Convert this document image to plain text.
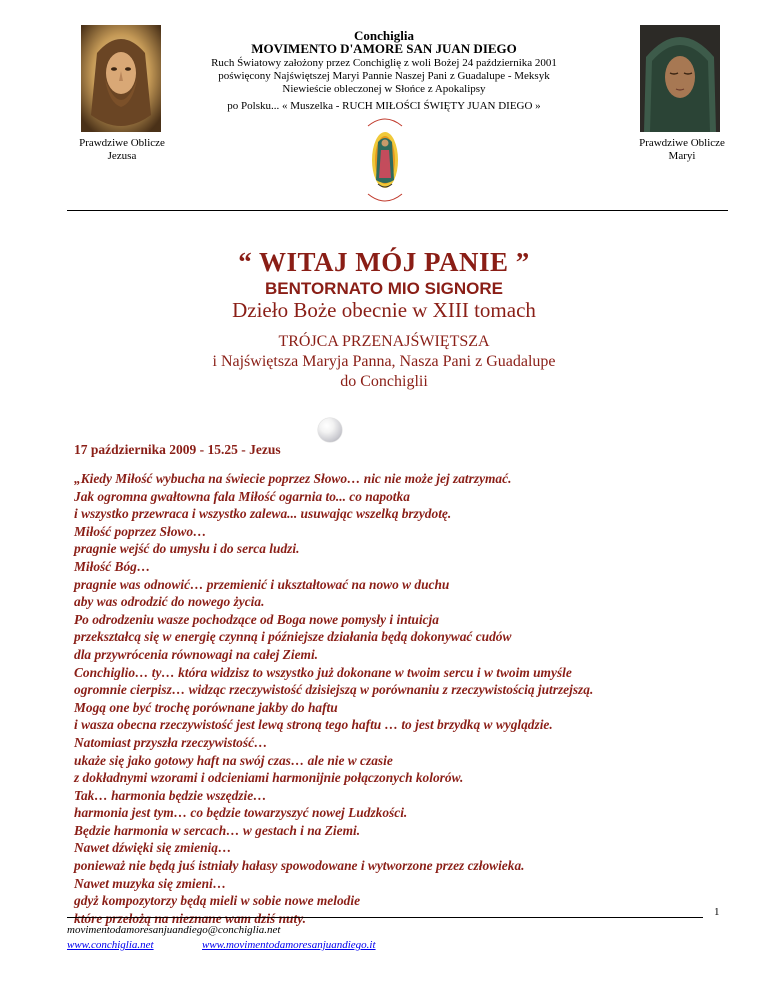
Conchiglia
MOVIMENTO D'AMORE SAN JUAN DIEGO
Ruch Światowy założony przez Conchiglię z woli Bożej 24 października 2001
poświęcony Najświętszej Maryi Pannie Naszej Pani z Guadalupe - Meksyk
Niewieście obleczonej w Słońce z Apokalipsy
po Polsku... « Muszelka - RUCH MIŁOŚCI ŚWIĘTY JUAN DIEGO »
Prawdziwe Oblicze
Jezusa
Prawdziwe Oblicze
Maryi
“ WITAJ MÓJ PANIE ”
BENTORNATO MIO SIGNORE
Dzieło Boże obecnie w XIII tomach
TRÓJCA PRZENAJŚWIĘTSZA
i Najświętsza Maryja Panna, Nasza Pani z Guadalupe
do Conchiglii
17 października 2009 - 15.25 - Jezus
„Kiedy Miłość wybucha na świecie poprzez Słowo… nic nie może jej zatrzymać.
Jak ogromna gwałtowna fala Miłość ogarnia to... co napotka
i wszystko przewraca i wszystko zalewa... usuwając wszelką brzydotę.
Miłość poprzez Słowo…
pragnie wejść do umysłu i do serca ludzi.
Miłość Bóg…
pragnie was odnowić… przemienić i ukształtować na nowo w duchu
aby was odrodzić do nowego życia.
Po odrodzeniu wasze pochodzące od Boga nowe pomysły i intuicja
przekształcą się w energię czynną i późniejsze działania będą dokonywać cudów
dla przywrócenia równowagi na całej Ziemi.
Conchiglio… ty… która widzisz to wszystko już dokonane w twoim sercu i w twoim umyśle
ogromnie cierpisz… widząc rzeczywistość dzisiejszą w porównaniu z rzeczywistością jutrzejszą.
Mogą one być trochę porównane jakby do haftu
i wasza obecna rzeczywistość jest lewą stroną tego haftu … to jest brzydką w wyglądzie.
Natomiast przyszła rzeczywistość…
ukaże się jako gotowy haft na swój czas… ale nie w czasie
z dokładnymi wzorami i odcieniami harmonijnie połączonych kolorów.
Tak… harmonia będzie wszędzie…
harmonia jest tym… co będzie towarzyszyć nowej Ludzkości.
Będzie harmonia w sercach… w gestach i na Ziemi.
Nawet dźwięki się zmienią…
ponieważ nie będą juś istniały hałasy spowodowane i wytworzone przez człowieka.
Nawet muzyka się zmieni…
gdyż kompozytorzy będą mieli w sobie nowe melodie
które przełożą na nieznane wam dziś nuty.	1
movimentodamoresanjuandiego@conchiglia.net
www.conchiglia.net	www.movimentodamoresanjuandiego.it
